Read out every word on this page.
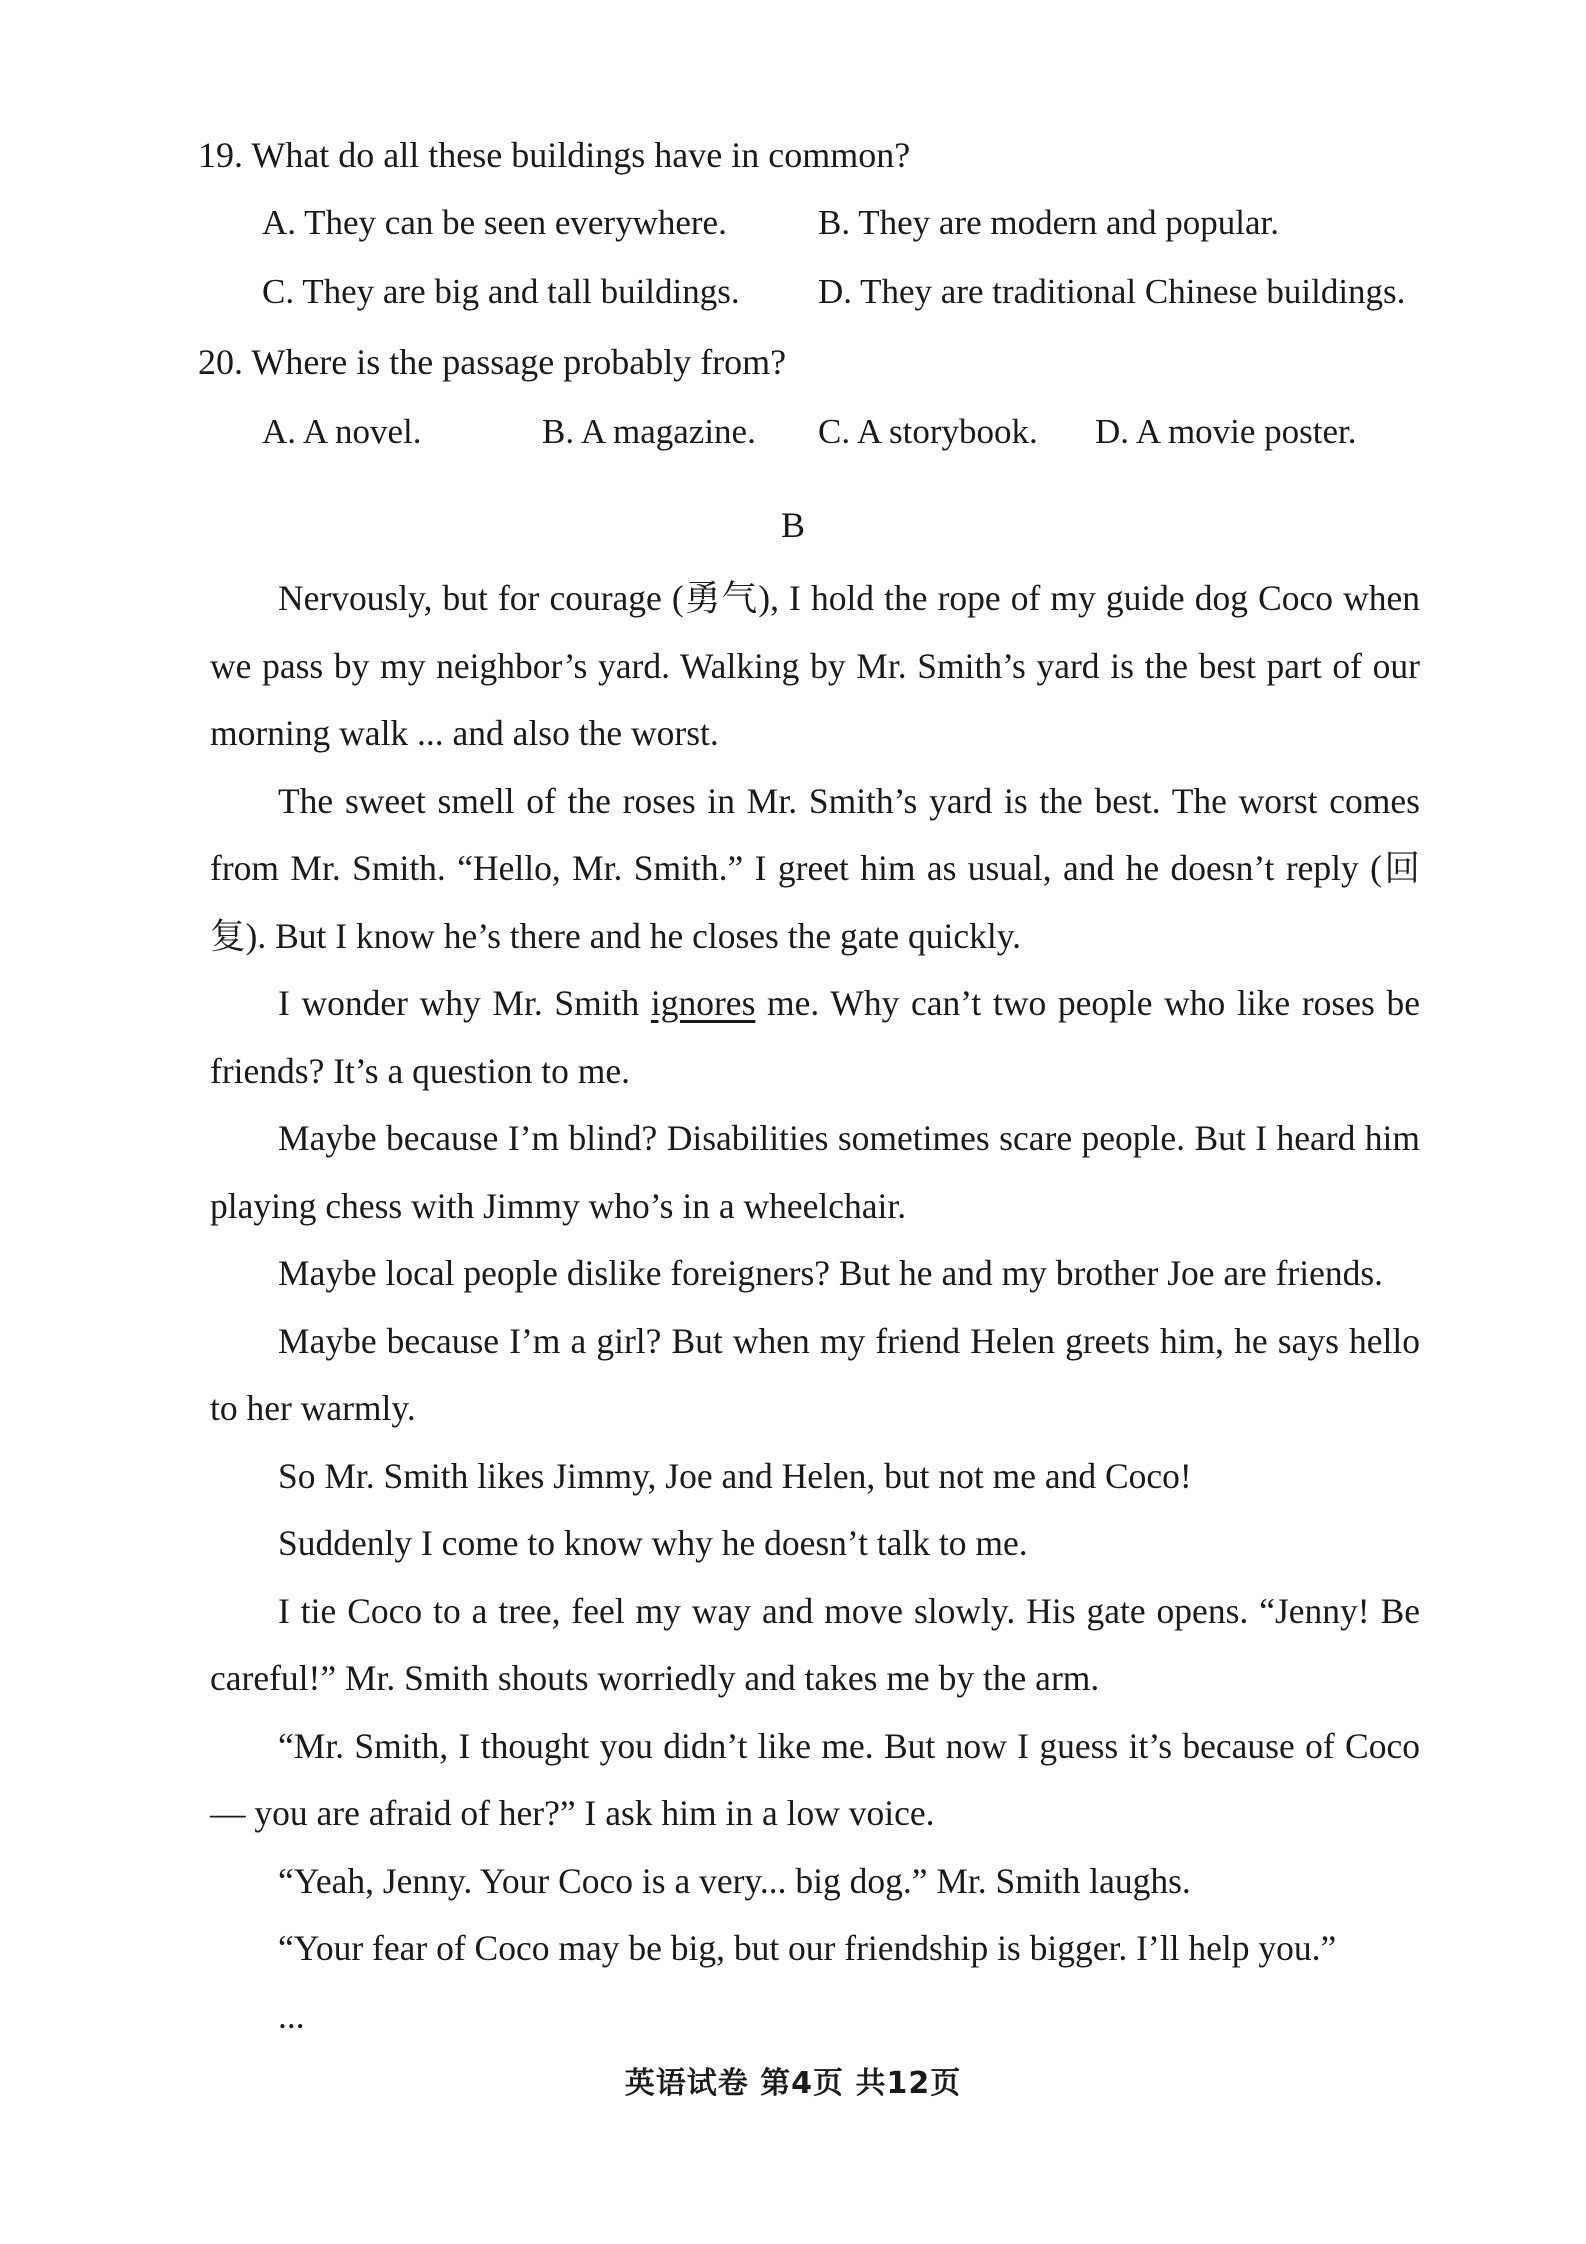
19. What do all these buildings have in common?
A. They can be seen everywhere.	B. They are modern and popular.
C. They are big and tall buildings. D. They are traditional Chinese buildings.
20. Where is the passage probably from?
A. A novel.	B. A magazine. C. A storybook. D. A movie poster.
B

Nervously, but for courage (勇气), I hold the rope of my guide dog Coco when we pass by my neighbor’s yard. Walking by Mr. Smith’s yard is the best part of our morning walk ... and also the worst.

The sweet smell of the roses in Mr. Smith’s yard is the best. The worst comes from Mr. Smith. “Hello, Mr. Smith.” I greet him as usual, and he doesn’t reply (回复). But I know he’s there and he closes the gate quickly.

I wonder why Mr. Smith ignores me. Why can’t two people who like roses be friends? It’s a question to me.

Maybe because I’m blind? Disabilities sometimes scare people. But I heard him playing chess with Jimmy who’s in a wheelchair.

Maybe local people dislike foreigners? But he and my brother Joe are friends.

Maybe because I’m a girl? But when my friend Helen greets him, he says hello to her warmly.

So Mr. Smith likes Jimmy, Joe and Helen, but not me and Coco!

Suddenly I come to know why he doesn’t talk to me.

I tie Coco to a tree, feel my way and move slowly. His gate opens. “Jenny! Be careful!” Mr. Smith shouts worriedly and takes me by the arm.

“Mr. Smith, I thought you didn’t like me. But now I guess it’s because of Coco — you are afraid of her?” I ask him in a low voice.

“Yeah, Jenny. Your Coco is a very... big dog.” Mr. Smith laughs.

“Your fear of Coco may be big, but our friendship is bigger. I’ll help you.”

...

英语试卷 第4页 共12页
